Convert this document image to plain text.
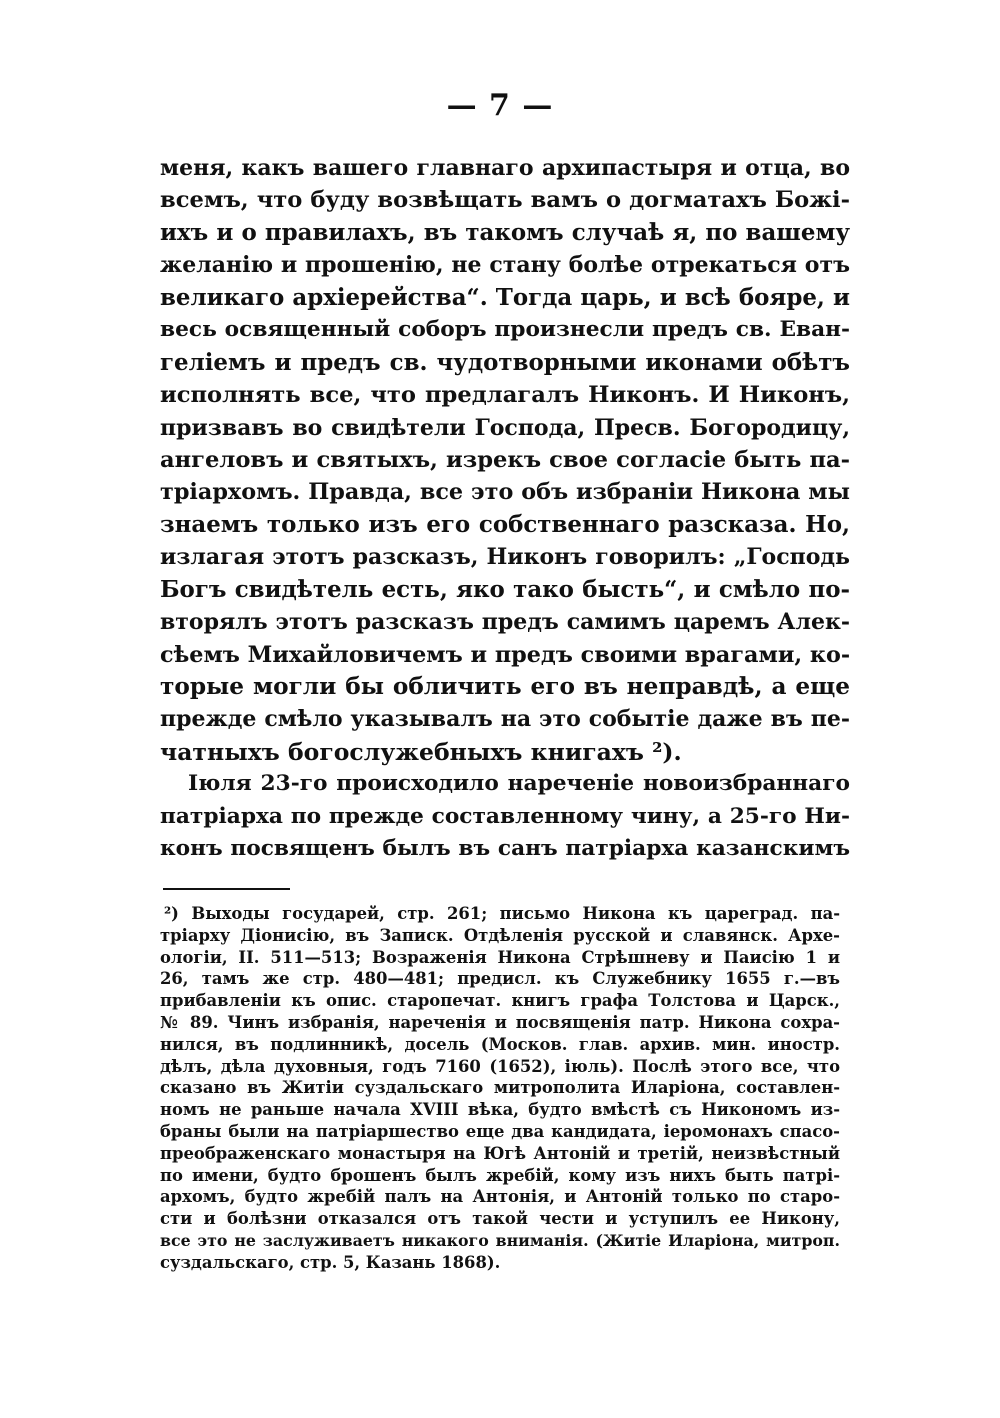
— 7 —
меня, какъ вашего главнаго архипастыря и отца, во
всемъ, что буду возвѣщать вамъ о догматахъ Божі-
ихъ и о правилахъ, въ такомъ случаѣ я, по вашему
желанію и прошенію, не стану болѣе отрекаться отъ
великаго архіерейства“. Тогда царь, и всѣ бояре, и
весь освященный соборъ произнесли предъ св. Еван-
геліемъ и предъ св. чудотворными иконами обѣтъ
исполнять все, что предлагалъ Никонъ. И Никонъ,
призвавъ во свидѣтели Господа, Пресв. Богородицу,
ангеловъ и святыхъ, изрекъ свое согласіе быть па-
тріархомъ. Правда, все это объ избраніи Никона мы
знаемъ только изъ его собственнаго разсказа. Но,
излагая этотъ разсказъ, Никонъ говорилъ: „Господь
Богъ свидѣтель есть, яко тако бысть“, и смѣло по-
вторялъ этотъ разсказъ предъ самимъ царемъ Алек-
сѣемъ Михайловичемъ и предъ своими врагами, ко-
торые могли бы обличить его въ неправдѣ, а еще
прежде смѣло указывалъ на это событіе даже въ пе-
чатныхъ богослужебныхъ книгахъ ²).
Іюля 23-го происходило нареченіе новоизбраннаго
патріарха по прежде составленному чину, а 25-го Ни-
конъ посвященъ былъ въ санъ патріарха казанскимъ
²) Выходы государей, стр. 261; письмо Никона къ цареград. па-
тріарху Діонисію, въ Записк. Отдѣленія русской и славянск. Архе-
ологіи, II. 511—513; Возраженія Никона Стрѣшневу и Паисію 1 и
26, тамъ же стр. 480—481; предисл. къ Служебнику 1655 г.—въ
прибавленіи къ опис. старопечат. книгъ графа Толстова и Царск.,
№ 89. Чинъ избранія, нареченія и посвященія патр. Никона сохра-
нился, въ подлинникѣ, досель (Москов. глав. архив. мин. иностр.
дѣлъ, дѣла духовныя, годъ 7160 (1652), іюль). Послѣ этого все, что
сказано въ Житіи суздальскаго митрополита Иларіона, составлен-
номъ не раньше начала XVIII вѣка, будто вмѣстѣ съ Никономъ из-
браны были на патріаршество еще два кандидата, іеромонахъ спасо-
преображенскаго монастыря на Югѣ Антоній и третій, неизвѣстный
по имени, будто брошенъ былъ жребій, кому изъ нихъ быть патрі-
архомъ, будто жребій палъ на Антонія, и Антоній только по старо-
сти и болѣзни отказался отъ такой чести и уступилъ ее Никону,
все это не заслуживаетъ никакого вниманія. (Житіе Иларіона, митроп.
суздальскаго, стр. 5, Казань 1868).
